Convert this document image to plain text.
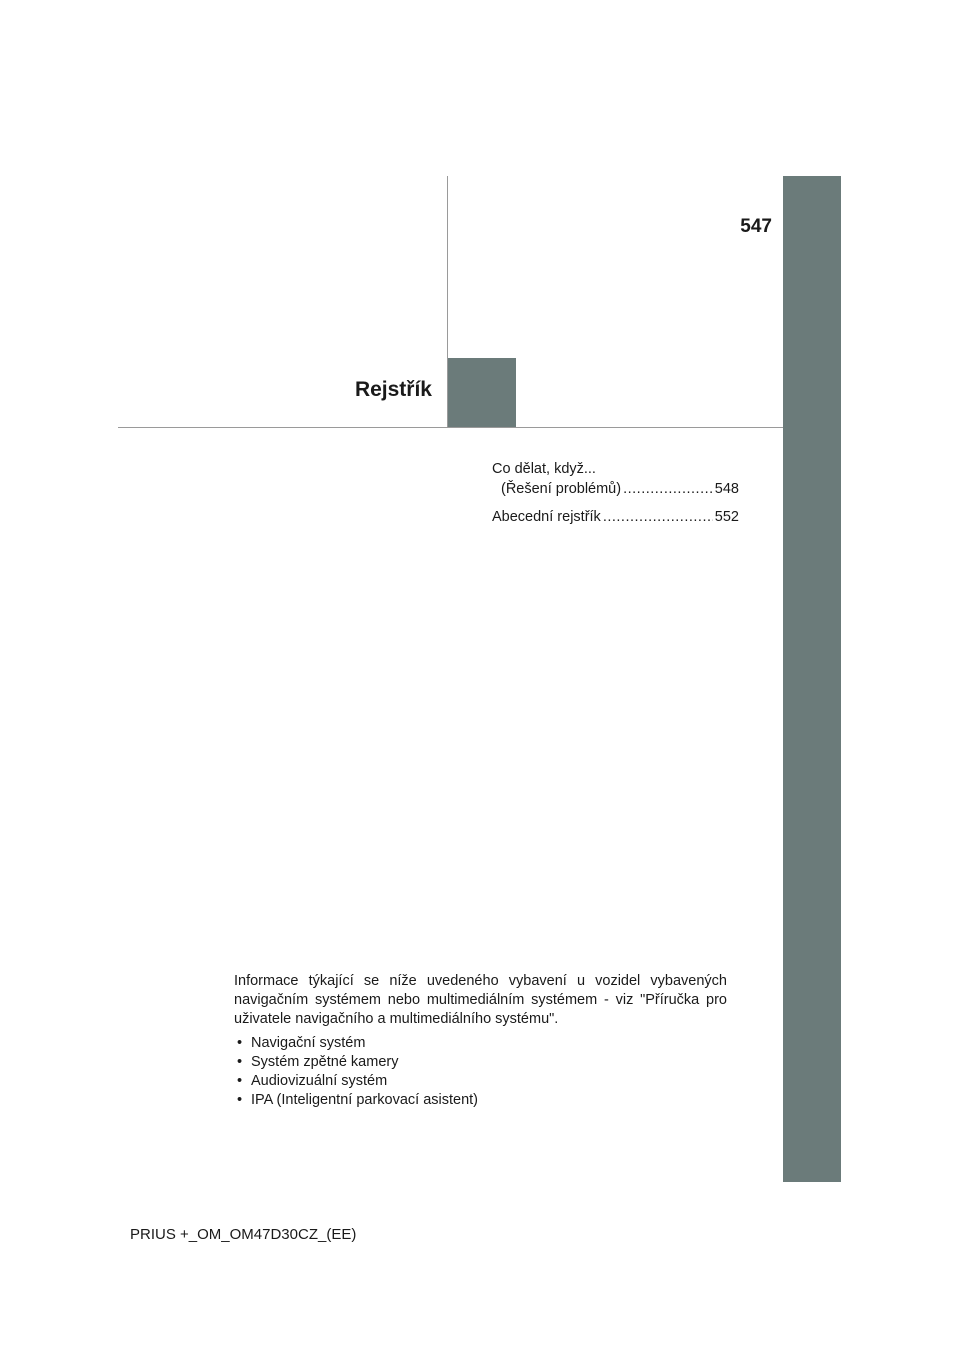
547
Rejstřík
Co dělat, když...
(Řešení problémů) .....	548
Abecední rejstřík .....	552

Informace týkající se níže uvedeného vybavení u vozidel vybavených navigačním systémem nebo multimediálním systémem - viz "Příručka pro uživatele navigačního a multimediálního systému".

• Navigační systém
• Systém zpětné kamery
• Audiovizuální systém
• IPA (Inteligentní parkovací asistent)
PRIUS +_OM_OM47D30CZ_(EE)
